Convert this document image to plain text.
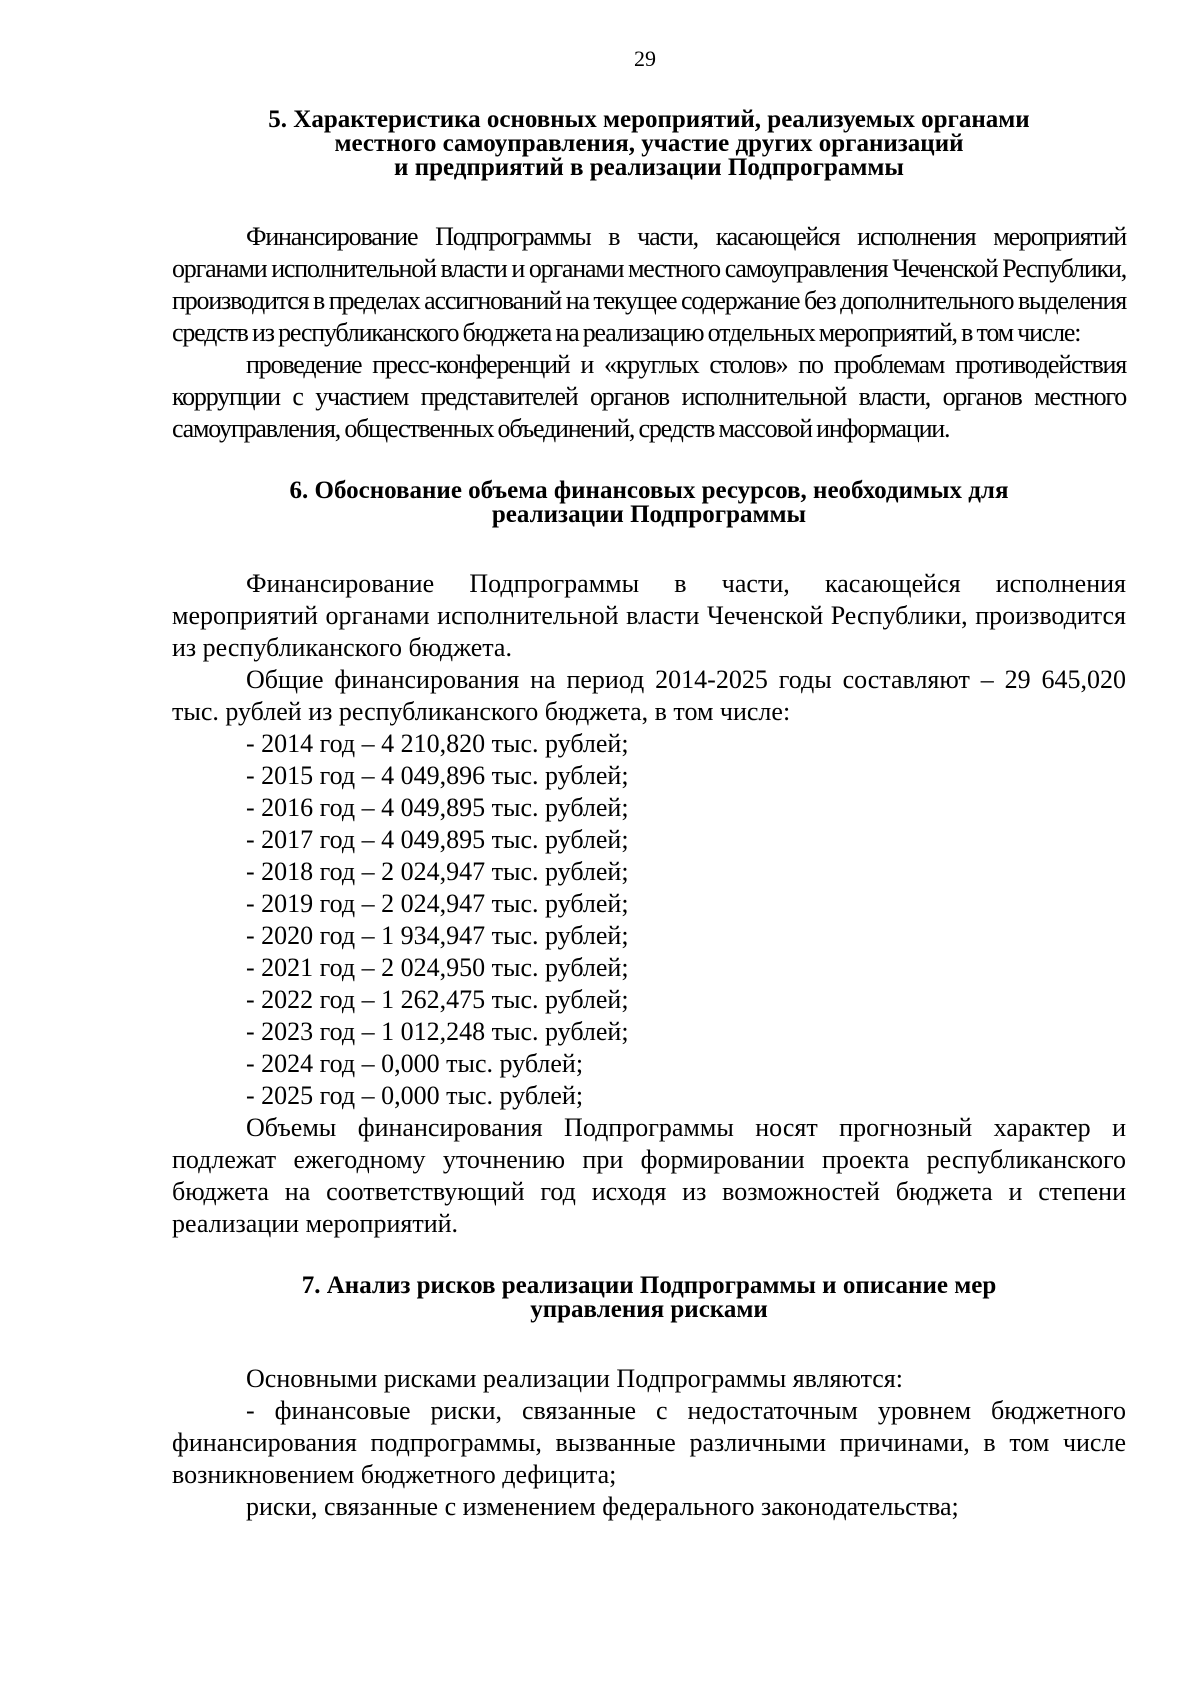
29
5. Характеристика основных мероприятий, реализуемых органами
местного самоуправления, участие других организаций
и предприятий в реализации Подпрограммы

Финансирование Подпрограммы в части, касающейся исполнения мероприятий органами исполнительной власти и органами местного самоуправления Чеченской Республики, производится в пределах ассигнований на текущее содержание без дополнительного выделения средств из республиканского бюджета на реализацию отдельных мероприятий, в том числе:

проведение пресс-конференций и «круглых столов» по проблемам противодействия коррупции с участием представителей органов исполнительной власти, органов местного самоуправления, общественных объединений, средств массовой информации.

6. Обоснование объема финансовых ресурсов, необходимых для
реализации Подпрограммы

Финансирование Подпрограммы в части, касающейся исполнения мероприятий органами исполнительной власти Чеченской Республики, производится из республиканского бюджета.

Общие финансирования на период 2014-2025 годы составляют – 29 645,020 тыс. рублей из республиканского бюджета, в том числе:

- 2014 год – 4 210,820 тыс. рублей;

- 2015 год – 4 049,896 тыс. рублей;

- 2016 год – 4 049,895 тыс. рублей;

- 2017 год – 4 049,895 тыс. рублей;

- 2018 год – 2 024,947 тыс. рублей;

- 2019 год – 2 024,947 тыс. рублей;

- 2020 год – 1 934,947 тыс. рублей;

- 2021 год – 2 024,950 тыс. рублей;

- 2022 год – 1 262,475 тыс. рублей;

- 2023 год – 1 012,248 тыс. рублей;

- 2024 год – 0,000 тыс. рублей;

- 2025 год – 0,000 тыс. рублей;

Объемы финансирования Подпрограммы носят прогнозный характер и подлежат ежегодному уточнению при формировании проекта республиканского бюджета на соответствующий год исходя из возможностей бюджета и степени реализации мероприятий.

7. Анализ рисков реализации Подпрограммы и описание мер
управления рисками

Основными рисками реализации Подпрограммы являются:

- финансовые риски, связанные с недостаточным уровнем бюджетного финансирования подпрограммы, вызванные различными причинами, в том числе возникновением бюджетного дефицита;

риски, связанные с изменением федерального законодательства;
